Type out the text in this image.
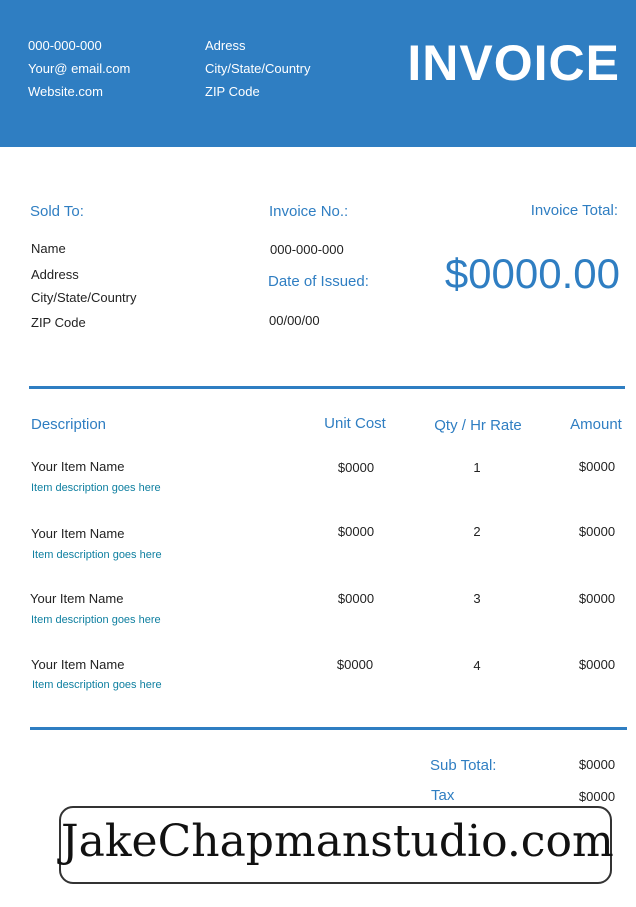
000-000-000
Your@ email.com
Website.com
Adress
City/State/Country
ZIP Code
INVOICE
Sold To:
Name
Address
City/State/Country
ZIP Code
Invoice No.:
000-000-000
Date of Issued:
00/00/00
Invoice Total:
$0000.00
Description	Unit Cost	Qty / Hr Rate	Amount
Your Item Name
Item description goes here
$0000	1	$0000
Your Item Name
Item description goes here
$0000	2	$0000
Your Item Name
Item description goes here
$0000	3	$0000
Your Item Name
Item description goes here
$0000	4	$0000
Sub Total:	$0000
Tax	$0000
JakeChapmanstudio.com
